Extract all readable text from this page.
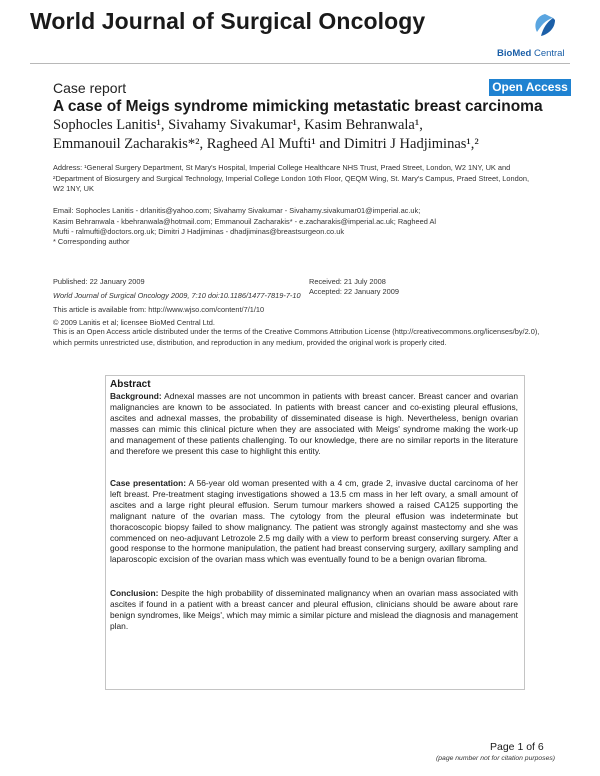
World Journal of Surgical Oncology
BioMed Central
Case report	Open Access
A case of Meigs syndrome mimicking metastatic breast carcinoma
Sophocles Lanitis¹, Sivahamy Sivakumar¹, Kasim Behranwala¹,
Emmanouil Zacharakis*², Ragheed Al Mufti¹ and Dimitri J Hadjiminas¹,²
Address: ¹General Surgery Department, St Mary's Hospital, Imperial College Healthcare NHS Trust, Praed Street, London, W2 1NY, UK and
²Department of Biosurgery and Surgical Technology, Imperial College London 10th Floor, QEQM Wing, St. Mary's Campus, Praed Street, London,
W2 1NY, UK
Email: Sophocles Lanitis - drlanitis@yahoo.com; Sivahamy Sivakumar - Sivahamy.sivakumar01@imperial.ac.uk;
Kasim Behranwala - kbehranwala@hotmail.com; Emmanouil Zacharakis* - e.zacharakis@imperial.ac.uk; Ragheed Al
Mufti - ralmufti@doctors.org.uk; Dimitri J Hadjiminas - dhadjiminas@breastsurgeon.co.uk
* Corresponding author
Published: 22 January 2009
World Journal of Surgical Oncology 2009, 7:10 doi:10.1186/1477-7819-7-10
This article is available from: http://www.wjso.com/content/7/1/10
Received: 21 July 2008
Accepted: 22 January 2009
© 2009 Lanitis et al; licensee BioMed Central Ltd.
This is an Open Access article distributed under the terms of the Creative Commons Attribution License (http://creativecommons.org/licenses/by/2.0),
which permits unrestricted use, distribution, and reproduction in any medium, provided the original work is properly cited.
Abstract
Background: Adnexal masses are not uncommon in patients with breast cancer. Breast cancer and ovarian malignancies are known to be associated. In patients with breast cancer and co-existing pleural effusions, ascites and adnexal masses, the probability of disseminated disease is high. Nevertheless, benign ovarian masses can mimic this clinical picture when they are associated with Meigs' syndrome making the work-up and management of these patients challenging. To our knowledge, there are no similar reports in the literature and therefore we present this case to highlight this entity.
Case presentation: A 56-year old woman presented with a 4 cm, grade 2, invasive ductal carcinoma of her left breast. Pre-treatment staging investigations showed a 13.5 cm mass in her left ovary, a small amount of ascites and a large right pleural effusion. Serum tumour markers showed a raised CA125 supporting the malignant nature of the ovarian mass. The cytology from the pleural effusion was indeterminate but thoracoscopic biopsy failed to show malignancy. The patient was strongly against mastectomy and she was commenced on neo-adjuvant Letrozole 2.5 mg daily with a view to perform breast conserving surgery. After a good response to the hormone manipulation, the patient had breast conserving surgery, axillary sampling and laparoscopic excision of the ovarian mass which was eventually found to be a benign ovarian fibroma.
Conclusion: Despite the high probability of disseminated malignancy when an ovarian mass associated with ascites if found in a patient with a breast cancer and pleural effusion, clinicians should be aware about rare benign syndromes, like Meigs', which may mimic a similar picture and mislead the diagnosis and management plan.
Page 1 of 6
(page number not for citation purposes)
